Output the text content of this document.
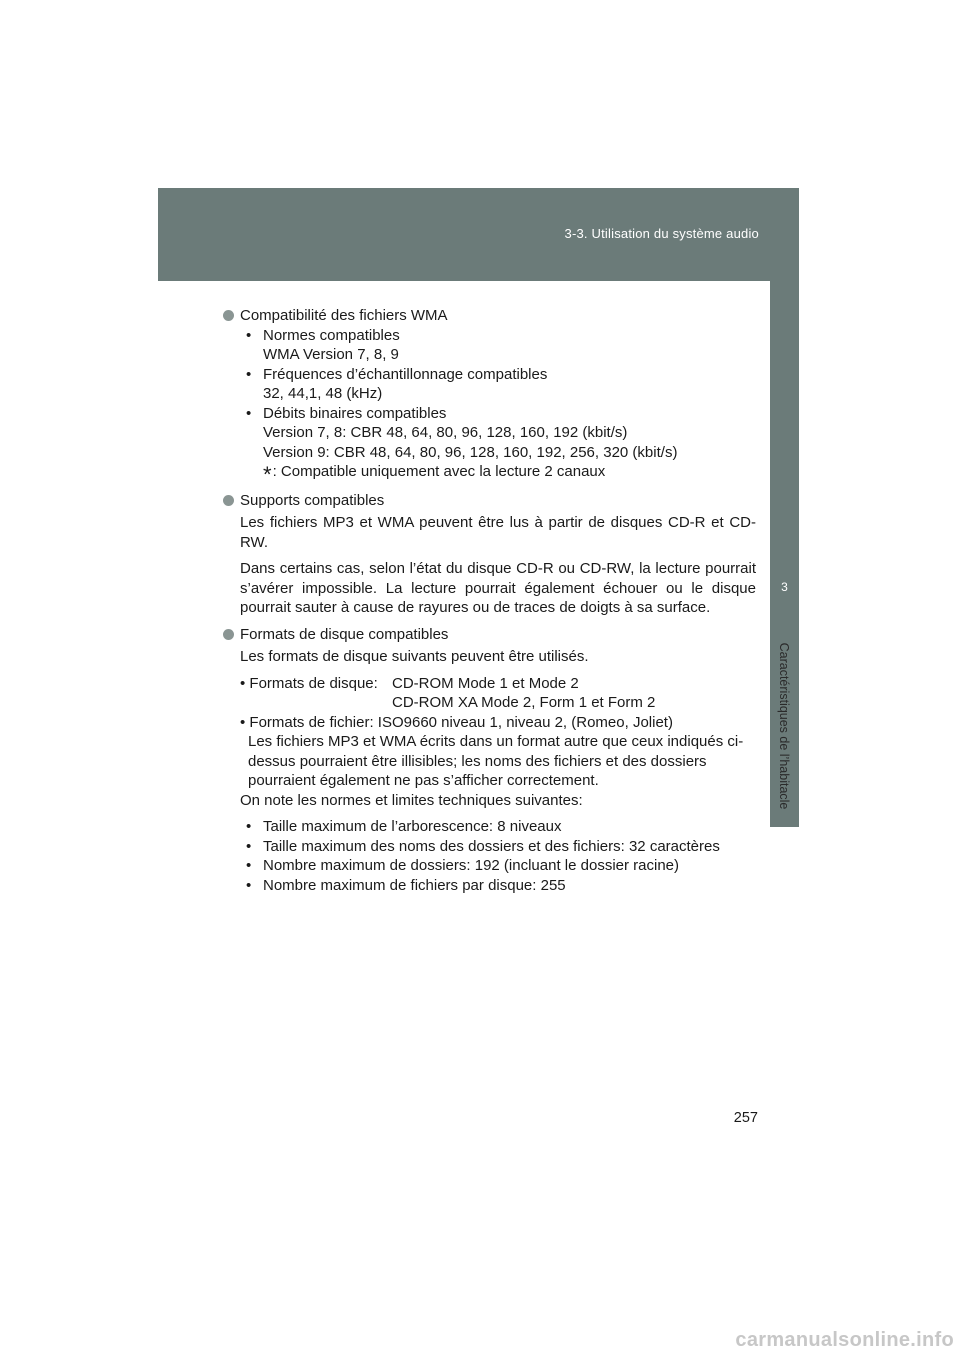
3-3. Utilisation du système audio
3
Caractéristiques de l’habitacle
Compatibilité des fichiers WMA
• Normes compatibles
WMA Version 7, 8, 9
• Fréquences d’échantillonnage compatibles
32, 44,1, 48 (kHz)
• Débits binaires compatibles
Version 7, 8: CBR 48, 64, 80, 96, 128, 160, 192 (kbit/s)
Version 9: CBR 48, 64, 80, 96, 128, 160, 192, 256, 320 (kbit/s)
*: Compatible uniquement avec la lecture 2 canaux
Supports compatibles

Les fichiers MP3 et WMA peuvent être lus à partir de disques CD-R et CD-RW.

Dans certains cas, selon l’état du disque CD-R ou CD-RW, la lecture pourrait s’avérer impossible. La lecture pourrait également échouer ou le disque pourrait sauter à cause de rayures ou de traces de doigts à sa surface.

Formats de disque compatibles

Les formats de disque suivants peuvent être utilisés.

• Formats de disque: CD-ROM Mode 1 et Mode 2
CD-ROM XA Mode 2, Form 1 et Form 2
• Formats de fichier: ISO9660 niveau 1, niveau 2, (Romeo, Joliet)
Les fichiers MP3 et WMA écrits dans un format autre que ceux indiqués ci-dessus pourraient être illisibles; les noms des fichiers et des dossiers pourraient également ne pas s’afficher correctement.
On note les normes et limites techniques suivantes:
• Taille maximum de l’arborescence: 8 niveaux
• Taille maximum des noms des dossiers et des fichiers: 32 caractères
• Nombre maximum de dossiers: 192 (incluant le dossier racine)
• Nombre maximum de fichiers par disque: 255
257
carmanualsonline.info
